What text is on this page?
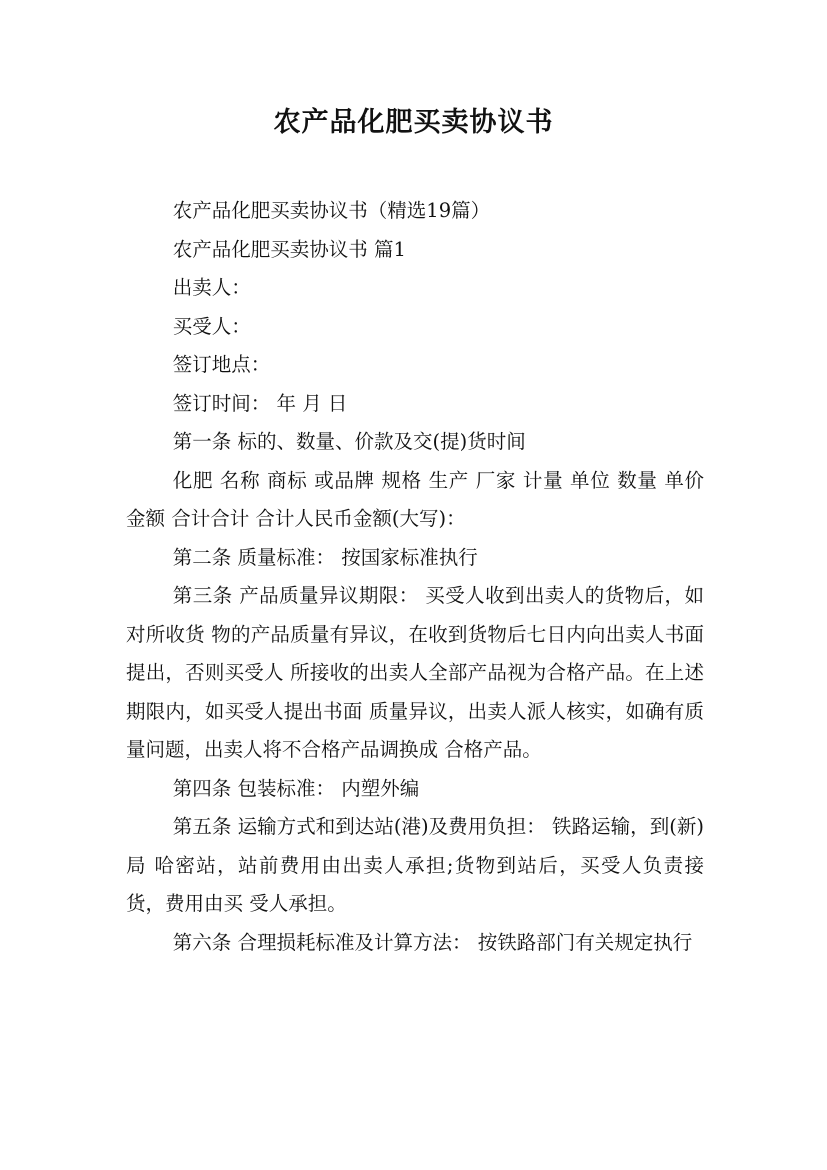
农产品化肥买卖协议书

农产品化肥买卖协议书（精选19篇）

农产品化肥买卖协议书 篇1

出卖人：

买受人：

签订地点：

签订时间： 年 月 日

第一条 标的、数量、价款及交(提)货时间

化肥 名称 商标 或品牌 规格 生产 厂家 计量 单位 数量 单价 金额 合计合计 合计人民币金额(大写)：

第二条 质量标准： 按国家标准执行

第三条 产品质量异议期限： 买受人收到出卖人的货物后，如对所收货 物的产品质量有异议，在收到货物后七日内向出卖人书面提出，否则买受人 所接收的出卖人全部产品视为合格产品。在上述期限内，如买受人提出书面 质量异议，出卖人派人核实，如确有质量问题，出卖人将不合格产品调换成 合格产品。

第四条 包装标准： 内塑外编

第五条 运输方式和到达站(港)及费用负担： 铁路运输，到(新) 局 哈密站，站前费用由出卖人承担;货物到站后，买受人负责接货，费用由买 受人承担。

第六条 合理损耗标准及计算方法： 按铁路部门有关规定执行
